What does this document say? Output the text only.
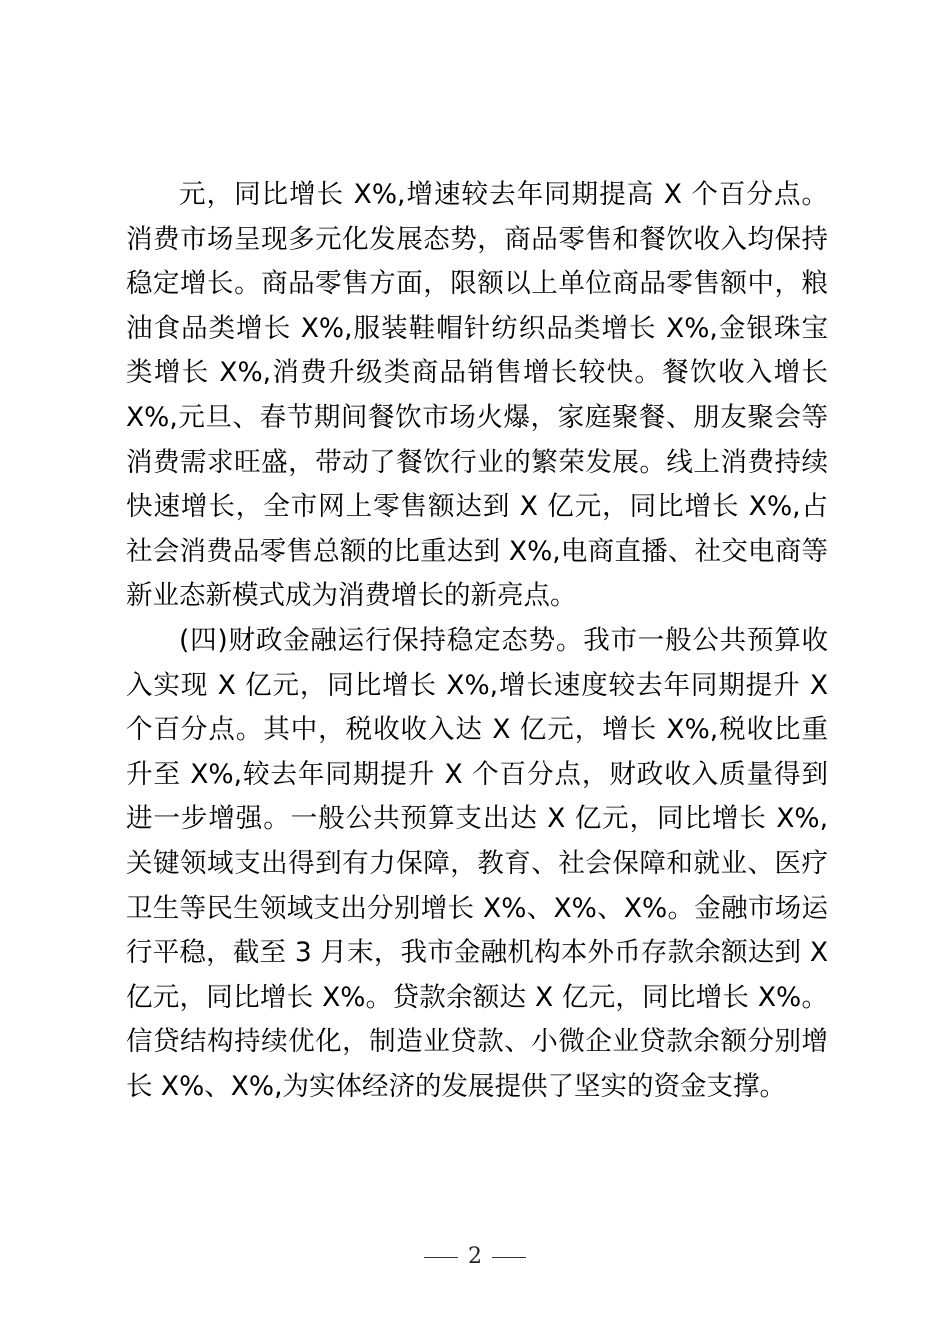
元，同比增长 X%,增速较去年同期提高 X 个百分点。消费市场呈现多元化发展态势，商品零售和餐饮收入均保持稳定增长。商品零售方面，限额以上单位商品零售额中，粮油食品类增长 X%,服装鞋帽针纺织品类增长 X%,金银珠宝类增长 X%,消费升级类商品销售增长较快。餐饮收入增长 X%,元旦、春节期间餐饮市场火爆，家庭聚餐、朋友聚会等消费需求旺盛，带动了餐饮行业的繁荣发展。线上消费持续快速增长，全市网上零售额达到 X 亿元，同比增长 X%,占社会消费品零售总额的比重达到 X%,电商直播、社交电商等新业态新模式成为消费增长的新亮点。

(四)财政金融运行保持稳定态势。我市一般公共预算收入实现 X 亿元，同比增长 X%,增长速度较去年同期提升 X 个百分点。其中，税收收入达 X 亿元，增长 X%,税收比重升至 X%,较去年同期提升 X 个百分点，财政收入质量得到进一步增强。一般公共预算支出达 X 亿元，同比增长 X%,关键领域支出得到有力保障，教育、社会保障和就业、医疗卫生等民生领域支出分别增长 X%、X%、X%。金融市场运行平稳，截至 3 月末，我市金融机构本外币存款余额达到 X 亿元，同比增长 X%。贷款余额达 X 亿元，同比增长 X%。信贷结构持续优化，制造业贷款、小微企业贷款余额分别增长 X%、X%,为实体经济的发展提供了坚实的资金支撑。

2
